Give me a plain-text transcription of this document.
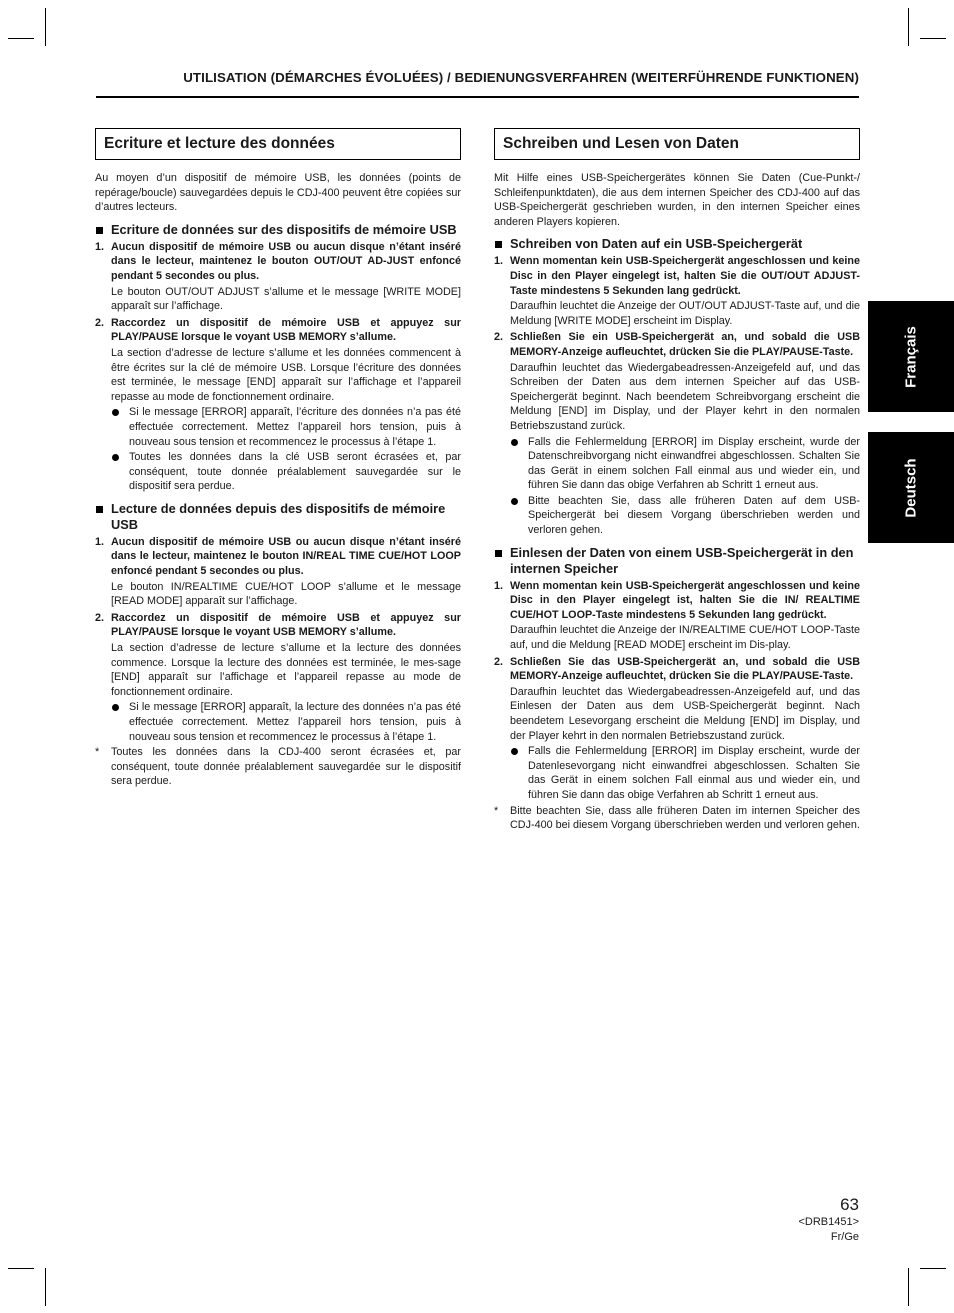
UTILISATION (DÉMARCHES ÉVOLUÉES) / BEDIENUNGSVERFAHREN (WEITERFÜHRENDE FUNKTIONEN)
Ecriture et lecture des données

Au moyen d’un dispositif de mémoire USB, les données (points de repérage/boucle) sauvegardées depuis le CDJ-400 peuvent être copiées sur d’autres lecteurs.

Ecriture de données sur des dispositifs de mémoire USB
1. Aucun dispositif de mémoire USB ou aucun disque n’étant inséré dans le lecteur, maintenez le bouton OUT/OUT AD-JUST enfoncé pendant 5 secondes ou plus.

Le bouton OUT/OUT ADJUST s’allume et le message [WRITE MODE] apparaît sur l’affichage.

2. Raccordez un dispositif de mémoire USB et appuyez sur PLAY/PAUSE lorsque le voyant USB MEMORY s’allume.

La section d’adresse de lecture s’allume et les données commencent à être écrites sur la clé de mémoire USB. Lorsque l’écriture des données est terminée, le message [END] apparaît sur l’affichage et l’appareil repasse au mode de fonctionnement ordinaire.

Si le message [ERROR] apparaît, l’écriture des données n’a pas été effectuée correctement. Mettez l’appareil hors tension, puis à nouveau sous tension et recommencez le processus à l’étape 1.
Toutes les données dans la clé USB seront écrasées et, par conséquent, toute donnée préalablement sauvegardée sur le dispositif sera perdue.
Lecture de données depuis des dispositifs de mémoire USB
1. Aucun dispositif de mémoire USB ou aucun disque n’étant inséré dans le lecteur, maintenez le bouton IN/REAL TIME CUE/HOT LOOP enfoncé pendant 5 secondes ou plus.

Le bouton IN/REALTIME CUE/HOT LOOP s’allume et le message [READ MODE] apparaît sur l’affichage.

2. Raccordez un dispositif de mémoire USB et appuyez sur PLAY/PAUSE lorsque le voyant USB MEMORY s’allume.

La section d’adresse de lecture s’allume et la lecture des données commence. Lorsque la lecture des données est terminée, le mes-sage [END] apparaît sur l’affichage et l’appareil repasse au mode de fonctionnement ordinaire.

Si le message [ERROR] apparaît, la lecture des données n’a pas été effectuée correctement. Mettez l’appareil hors tension, puis à nouveau sous tension et recommencez le processus à l’étape 1.
*	Toutes les données dans la CDJ-400 seront écrasées et, par conséquent, toute donnée préalablement sauvegardée sur le dispositif sera perdue.
Schreiben und Lesen von Daten

Mit Hilfe eines USB-Speichergerätes können Sie Daten (Cue-Punkt-/ Schleifenpunktdaten), die aus dem internen Speicher des CDJ-400 auf das USB-Speichergerät geschrieben wurden, in den internen Speicher eines anderen Players kopieren.

Schreiben von Daten auf ein USB-Speichergerät
1. Wenn momentan kein USB-Speichergerät angeschlossen und keine Disc in den Player eingelegt ist, halten Sie die OUT/OUT ADJUST-Taste mindestens 5 Sekunden lang gedrückt.

Daraufhin leuchtet die Anzeige der OUT/OUT ADJUST-Taste auf, und die Meldung [WRITE MODE] erscheint im Display.

2. Schließen Sie ein USB-Speichergerät an, und sobald die USB MEMORY-Anzeige aufleuchtet, drücken Sie die PLAY/PAUSE-Taste.

Daraufhin leuchtet das Wiedergabeadressen-Anzeigefeld auf, und das Schreiben der Daten aus dem internen Speicher auf das USB-Speichergerät beginnt. Nach beendetem Schreibvorgang erscheint die Meldung [END] im Display, und der Player kehrt in den normalen Betriebszustand zurück.

Falls die Fehlermeldung [ERROR] im Display erscheint, wurde der Datenschreibvorgang nicht einwandfrei abgeschlossen. Schalten Sie das Gerät in einem solchen Fall einmal aus und wieder ein, und führen Sie dann das obige Verfahren ab Schritt 1 erneut aus.
Bitte beachten Sie, dass alle früheren Daten auf dem USB-Speichergerät bei diesem Vorgang überschrieben werden und verloren gehen.
Einlesen der Daten von einem USB-Speichergerät in den internen Speicher
1. Wenn momentan kein USB-Speichergerät angeschlossen und keine Disc in den Player eingelegt ist, halten Sie die IN/ REALTIME CUE/HOT LOOP-Taste mindestens 5 Sekunden lang gedrückt.

Daraufhin leuchtet die Anzeige der IN/REALTIME CUE/HOT LOOP-Taste auf, und die Meldung [READ MODE] erscheint im Dis-play.

2. Schließen Sie das USB-Speichergerät an, und sobald die USB MEMORY-Anzeige aufleuchtet, drücken Sie die PLAY/PAUSE-Taste.

Daraufhin leuchtet das Wiedergabeadressen-Anzeigefeld auf, und das Einlesen der Daten aus dem USB-Speichergerät beginnt. Nach beendetem Lesevorgang erscheint die Meldung [END] im Display, und der Player kehrt in den normalen Betriebszustand zurück.

Falls die Fehlermeldung [ERROR] im Display erscheint, wurde der Datenlesevorgang nicht einwandfrei abgeschlossen. Schalten Sie das Gerät in einem solchen Fall einmal aus und wieder ein, und führen Sie dann das obige Verfahren ab Schritt 1 erneut aus.
*	Bitte beachten Sie, dass alle früheren Daten im internen Speicher des CDJ-400 bei diesem Vorgang überschrieben werden und verloren gehen.
Français
Deutsch
63
<DRB1451>
Fr/Ge
